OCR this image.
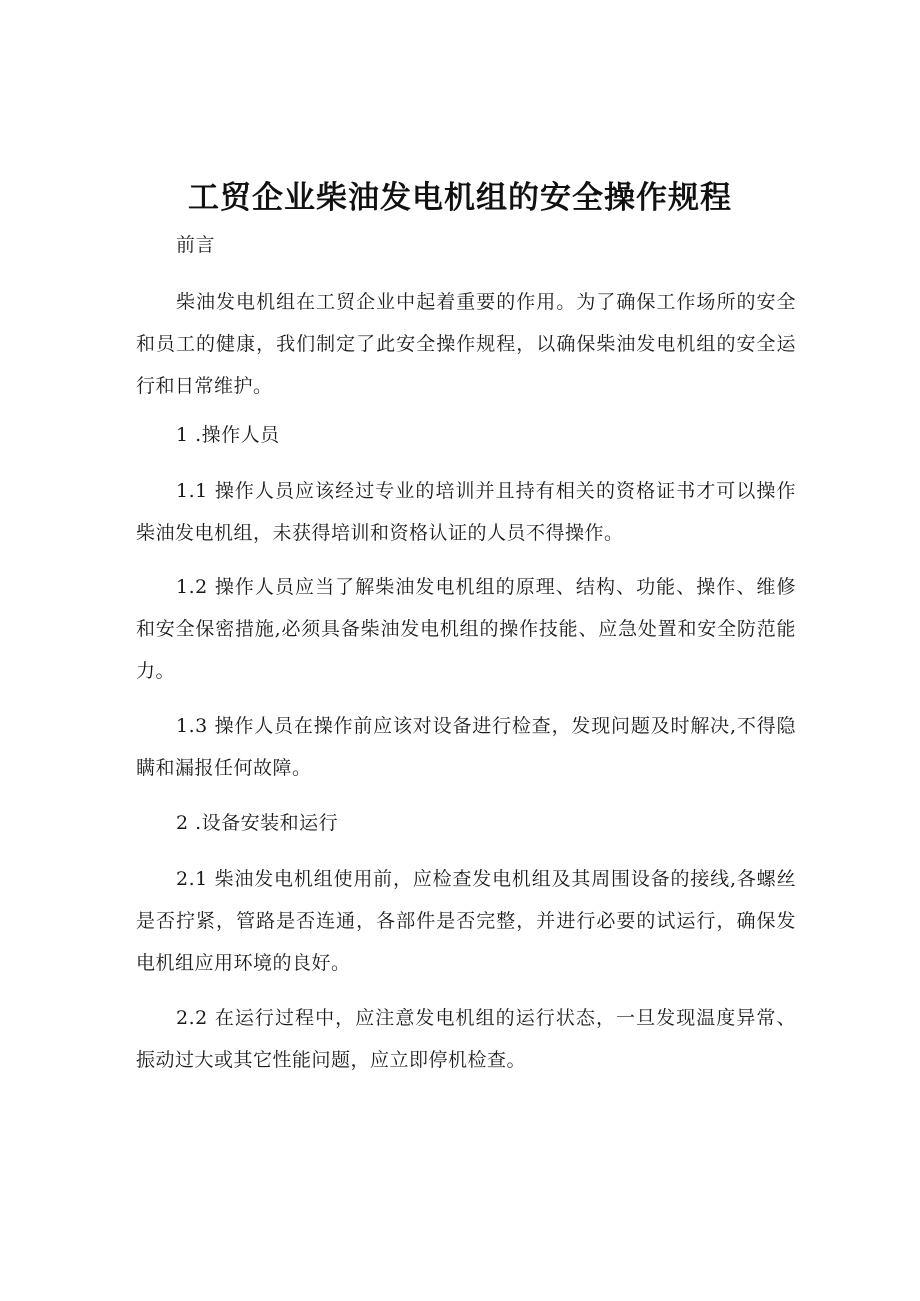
工贸企业柴油发电机组的安全操作规程

前言

柴油发电机组在工贸企业中起着重要的作用。为了确保工作场所的安全和员工的健康，我们制定了此安全操作规程，以确保柴油发电机组的安全运行和日常维护。

1 .操作人员

1.1 操作人员应该经过专业的培训并且持有相关的资格证书才可以操作柴油发电机组，未获得培训和资格认证的人员不得操作。

1.2 操作人员应当了解柴油发电机组的原理、结构、功能、操作、维修和安全保密措施,必须具备柴油发电机组的操作技能、应急处置和安全防范能力。

1.3 操作人员在操作前应该对设备进行检查，发现问题及时解决,不得隐瞒和漏报任何故障。

2 .设备安装和运行

2.1 柴油发电机组使用前，应检查发电机组及其周围设备的接线,各螺丝是否拧紧，管路是否连通，各部件是否完整，并进行必要的试运行，确保发电机组应用环境的良好。

2.2 在运行过程中，应注意发电机组的运行状态，一旦发现温度异常、振动过大或其它性能问题，应立即停机检查。
